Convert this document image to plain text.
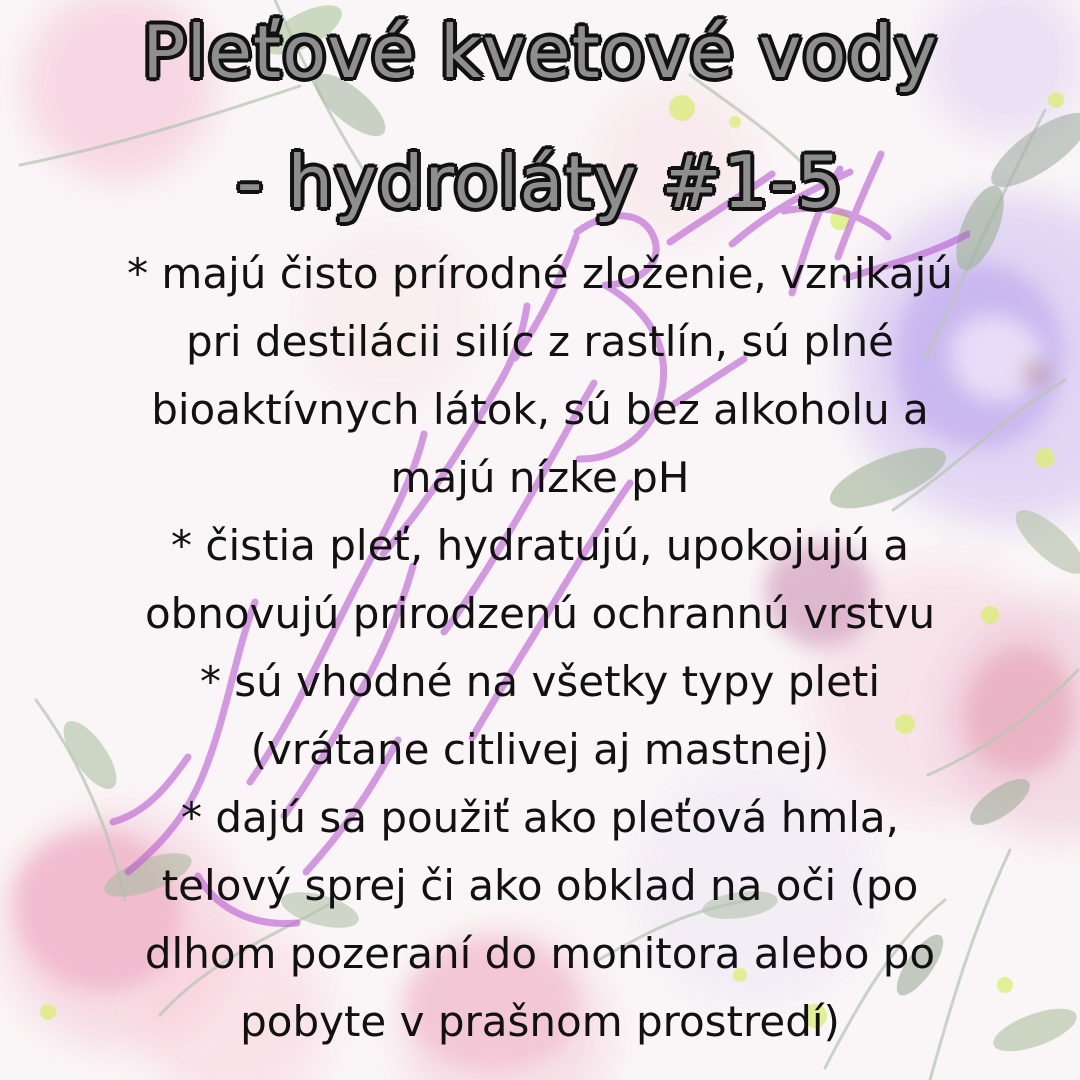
Pleťové kvetové vody
- hydroláty #1-5
* majú čisto prírodné zloženie, vznikajú
pri destilácii silíc z rastlín, sú plné
bioaktívnych látok, sú bez alkoholu a
majú nízke pH
* čistia pleť, hydratujú, upokojujú a
obnovujú prirodzenú ochrannú vrstvu
* sú vhodné na všetky typy pleti
(vrátane citlivej aj mastnej)
* dajú sa použiť ako pleťová hmla,
telový sprej či ako obklad na oči (po
dlhom pozeraní do monitora alebo po
pobyte v prašnom prostredí)
